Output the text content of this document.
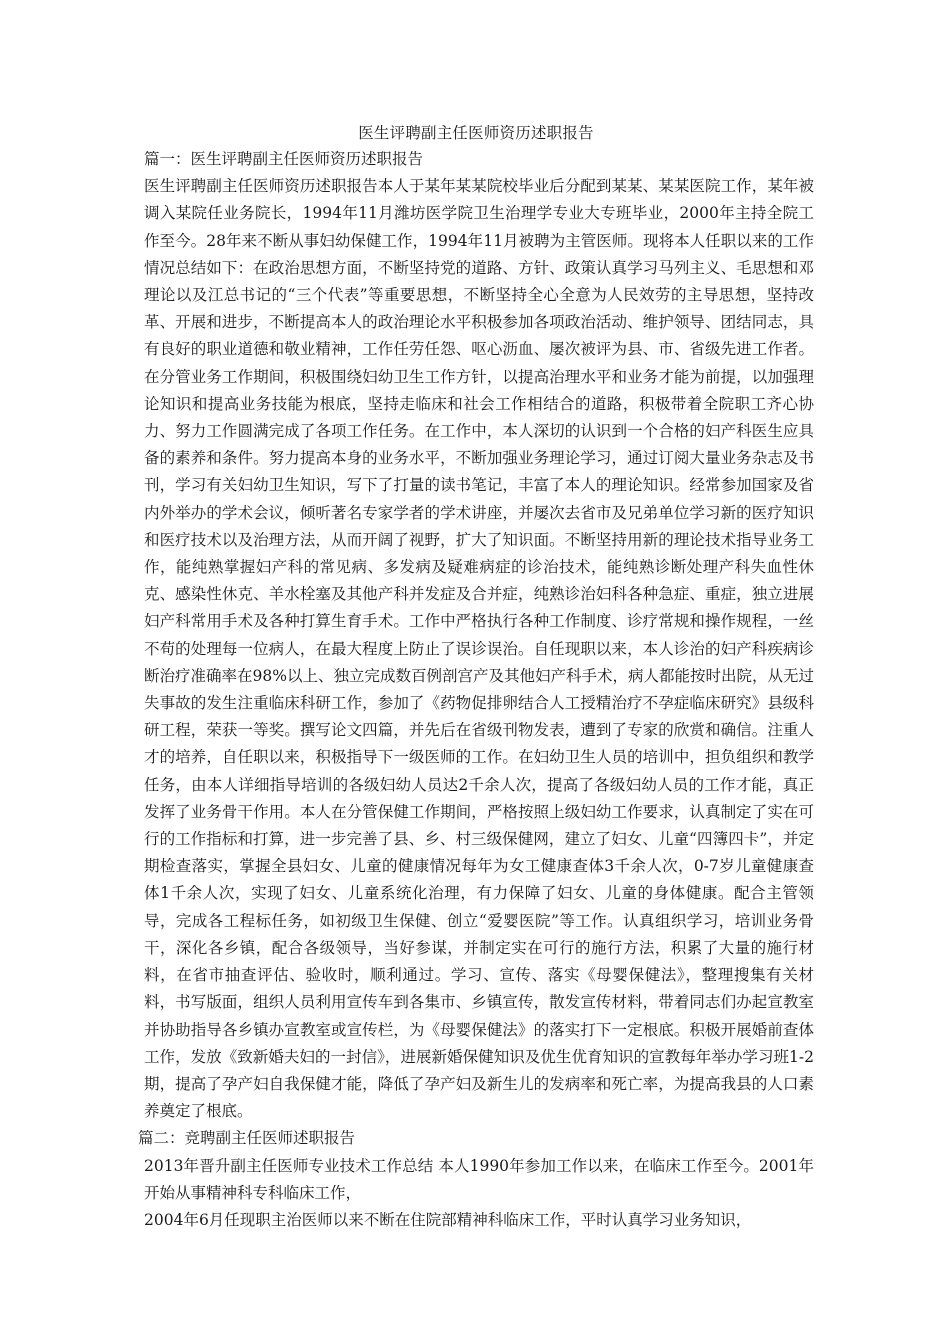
医生评聘副主任医师资历述职报告

篇一：医生评聘副主任医师资历述职报告

医生评聘副主任医师资历述职报告本人于某年某某院校毕业后分配到某某、某某医院工作，某年被调入某院任业务院长，1994年11月潍坊医学院卫生治理学专业大专班毕业，2000年主持全院工作至今。28年来不断从事妇幼保健工作，1994年11月被聘为主管医师。现将本人任职以来的工作情况总结如下：在政治思想方面，不断坚持党的道路、方针、政策认真学习马列主义、毛思想和邓理论以及江总书记的“三个代表”等重要思想，不断坚持全心全意为人民效劳的主导思想，坚持改革、开展和进步，不断提高本人的政治理论水平积极参加各项政治活动、维护领导、团结同志，具有良好的职业道德和敬业精神，工作任劳任怨、呕心沥血、屡次被评为县、市、省级先进工作者。在分管业务工作期间，积极围绕妇幼卫生工作方针，以提高治理水平和业务才能为前提，以加强理论知识和提高业务技能为根底，坚持走临床和社会工作相结合的道路，积极带着全院职工齐心协力、努力工作圆满完成了各项工作任务。在工作中，本人深切的认识到一个合格的妇产科医生应具备的素养和条件。努力提高本身的业务水平，不断加强业务理论学习，通过订阅大量业务杂志及书刊，学习有关妇幼卫生知识，写下了打量的读书笔记，丰富了本人的理论知识。经常参加国家及省内外举办的学术会议，倾听著名专家学者的学术讲座，并屡次去省市及兄弟单位学习新的医疗知识和医疗技术以及治理方法，从而开阔了视野，扩大了知识面。不断坚持用新的理论技术指导业务工作，能纯熟掌握妇产科的常见病、多发病及疑难病症的诊治技术，能纯熟诊断处理产科失血性休克、感染性休克、羊水栓塞及其他产科并发症及合并症，纯熟诊治妇科各种急症、重症，独立进展妇产科常用手术及各种打算生育手术。工作中严格执行各种工作制度、诊疗常规和操作规程，一丝不苟的处理每一位病人，在最大程度上防止了误诊误治。自任现职以来，本人诊治的妇产科疾病诊断治疗准确率在98%以上、独立完成数百例剖宫产及其他妇产科手术，病人都能按时出院，从无过失事故的发生注重临床科研工作，参加了《药物促排卵结合人工授精治疗不孕症临床研究》县级科研工程，荣获一等奖。撰写论文四篇，并先后在省级刊物发表，遭到了专家的欣赏和确信。注重人才的培养，自任职以来，积极指导下一级医师的工作。在妇幼卫生人员的培训中，担负组织和教学任务，由本人详细指导培训的各级妇幼人员达2千余人次，提高了各级妇幼人员的工作才能，真正发挥了业务骨干作用。本人在分管保健工作期间，严格按照上级妇幼工作要求，认真制定了实在可行的工作指标和打算，进一步完善了县、乡、村三级保健网，建立了妇女、儿童“四簿四卡”，并定期检查落实，掌握全县妇女、儿童的健康情况每年为女工健康查体3千余人次，0-7岁儿童健康查体1千余人次，实现了妇女、儿童系统化治理，有力保障了妇女、儿童的身体健康。配合主管领导，完成各工程标任务，如初级卫生保健、创立“爱婴医院”等工作。认真组织学习，培训业务骨干，深化各乡镇，配合各级领导，当好参谋，并制定实在可行的施行方法，积累了大量的施行材料，在省市抽查评估、验收时，顺利通过。学习、宣传、落实《母婴保健法》，整理搜集有关材料，书写版面，组织人员利用宣传车到各集市、乡镇宣传，散发宣传材料，带着同志们办起宣教室并协助指导各乡镇办宣教室或宣传栏，为《母婴保健法》的落实打下一定根底。积极开展婚前查体工作，发放《致新婚夫妇的一封信》，进展新婚保健知识及优生优育知识的宣教每年举办学习班1-2期，提高了孕产妇自我保健才能，降低了孕产妇及新生儿的发病率和死亡率，为提高我县的人口素养奠定了根底。

篇二：竞聘副主任医师述职报告

2013年晋升副主任医师专业技术工作总结 本人1990年参加工作以来，在临床工作至今。2001年开始从事精神科专科临床工作，

2004年6月任现职主治医师以来不断在住院部精神科临床工作，平时认真学习业务知识，
